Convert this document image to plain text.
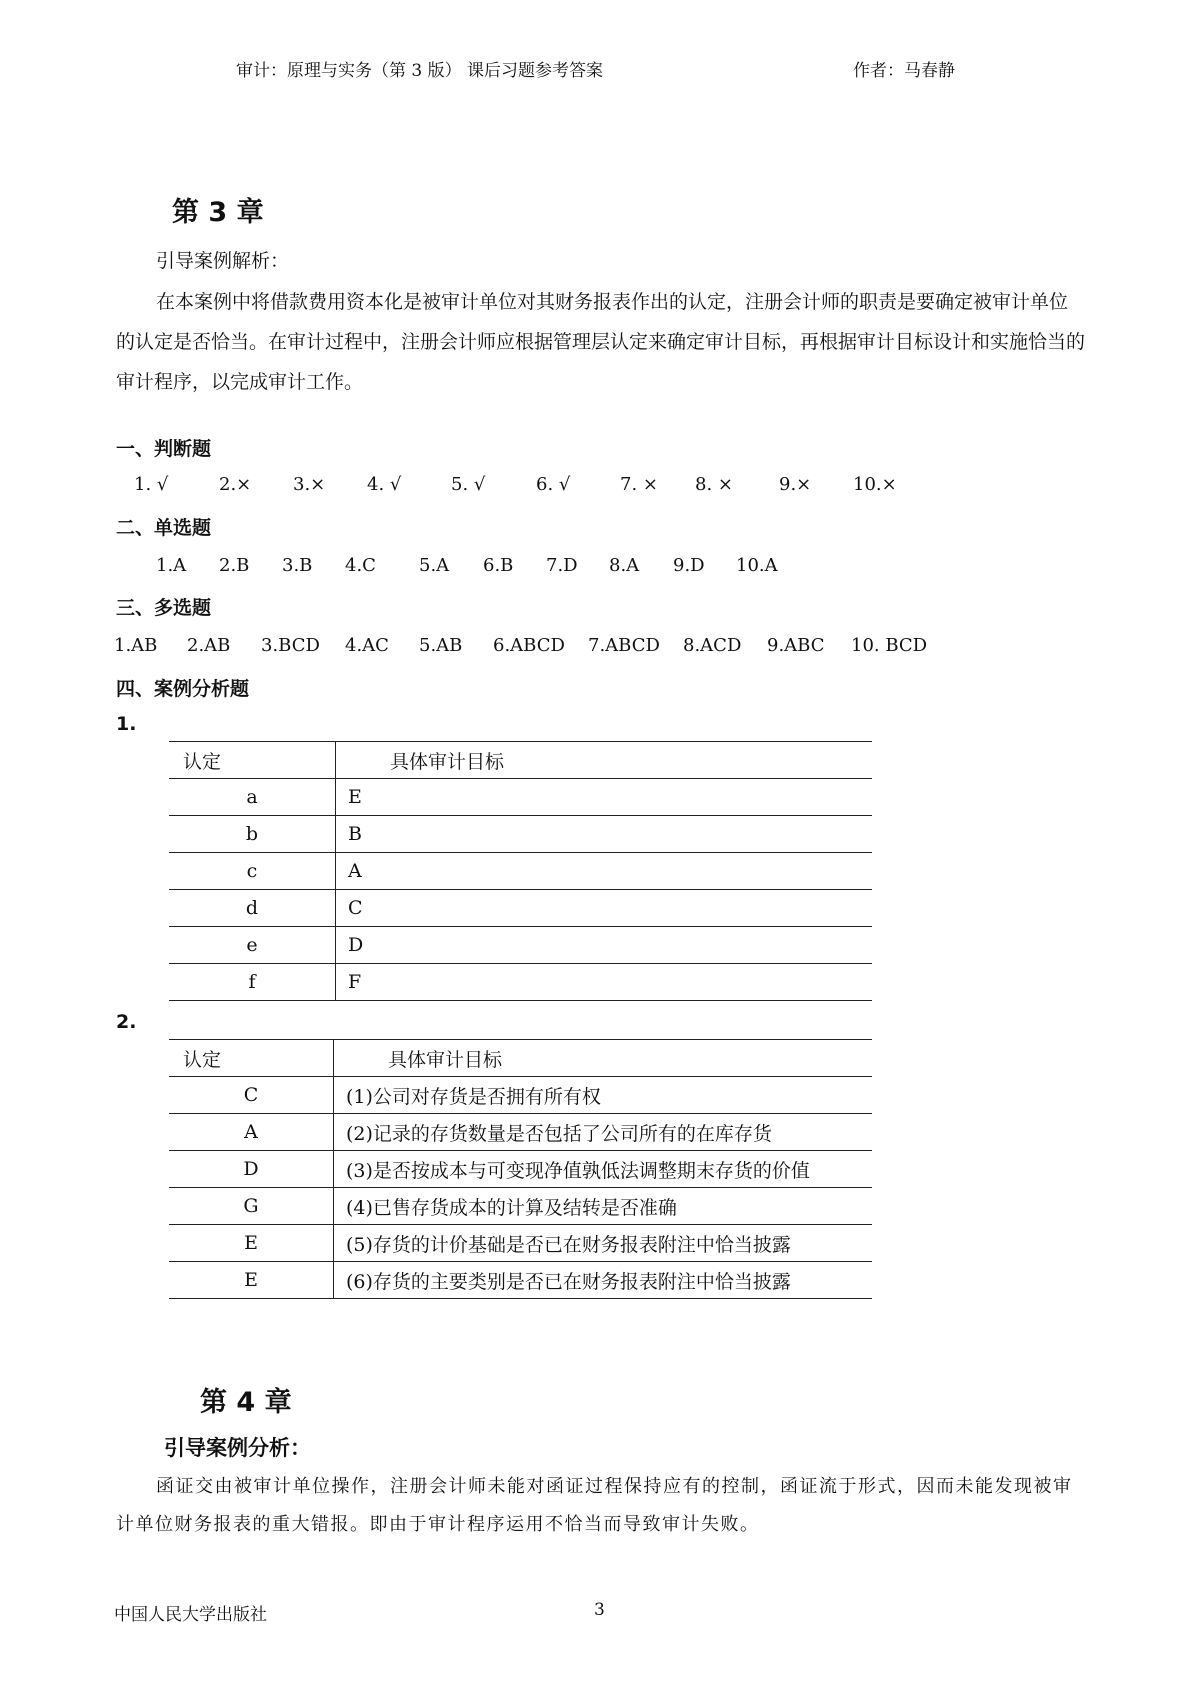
审计：原理与实务（第 3 版） 课后习题参考答案	作者：马春静
第 3 章
引导案例解析：
在本案例中将借款费用资本化是被审计单位对其财务报表作出的认定，注册会计师的职责是要确定被审计单位的认定是否恰当。在审计过程中，注册会计师应根据管理层认定来确定审计目标，再根据审计目标设计和实施恰当的审计程序，以完成审计工作。
一、判断题
1. √	2.× 3.× 4. √	5. √	6. √	7. × 8. ×	9.× 10.×
二、单选题
1.A 2.B 3.B 4.C 5.A 6.B 7.D 8.A 9.D 10.A
三、多选题
1.AB 2.AB 3.BCD 4.AC 5.AB 6.ABCD 7.ABCD 8.ACD 9.ABC 10. BCD
四、案例分析题
1.
认定	具体审计目标
a	E
b	B
c	A
d	C
e	D
f	F
2.
认定	具体审计目标
C	(1)公司对存货是否拥有所有权
A	(2)记录的存货数量是否包括了公司所有的在库存货
D	(3)是否按成本与可变现净值孰低法调整期末存货的价值
G	(4)已售存货成本的计算及结转是否准确
E	(5)存货的计价基础是否已在财务报表附注中恰当披露
E	(6)存货的主要类别是否已在财务报表附注中恰当披露
第 4 章
引导案例分析：
函证交由被审计单位操作，注册会计师未能对函证过程保持应有的控制，函证流于形式，因而未能发现被审计单位财务报表的重大错报。即由于审计程序运用不恰当而导致审计失败。
中国人民大学出版社	3
